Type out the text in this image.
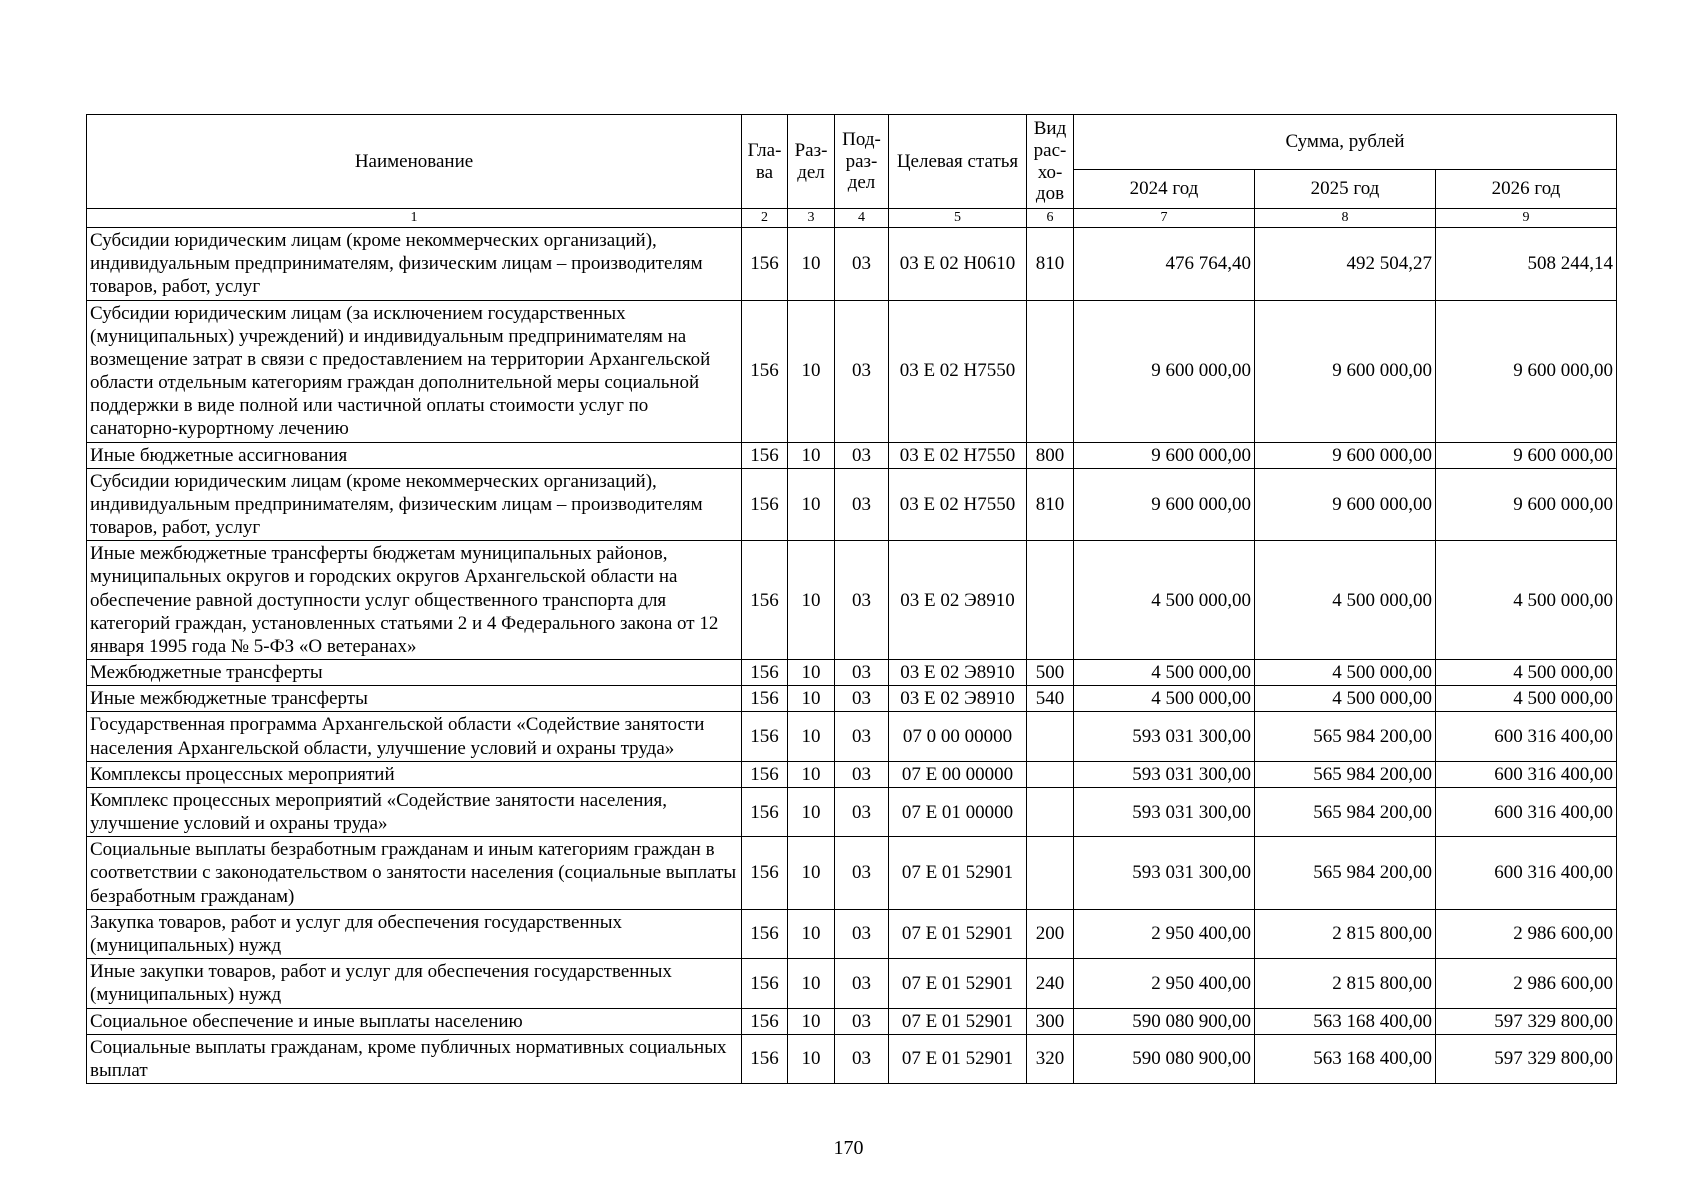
Наименование	Гла-ва	Раз-дел	Под-раз-дел	Целевая статья	Вид рас-хо-дов	Сумма, рублей		
						2024 год	2025 год	2026 год
1	2	3	4	5	6	7	8	9
Субсидии юридическим лицам (кроме некоммерческих организаций), индивидуальным предпринимателям, физическим лицам – производителям товаров, работ, услуг	156	10	03	03 Е 02 Н0610	810	476 764,40	492 504,27	508 244,14
Субсидии юридическим лицам (за исключением государственных (муниципальных) учреждений) и индивидуальным предпринимателям на возмещение затрат в связи с предоставлением на территории Архангельской области отдельным категориям граждан дополнительной меры социальной поддержки в виде полной или частичной оплаты стоимости услуг по санаторно-курортному лечению	156	10	03	03 Е 02 Н7550		9 600 000,00	9 600 000,00	9 600 000,00
Иные бюджетные ассигнования	156	10	03	03 Е 02 Н7550	800	9 600 000,00	9 600 000,00	9 600 000,00
Субсидии юридическим лицам (кроме некоммерческих организаций), индивидуальным предпринимателям, физическим лицам – производителям товаров, работ, услуг	156	10	03	03 Е 02 Н7550	810	9 600 000,00	9 600 000,00	9 600 000,00
Иные межбюджетные трансферты бюджетам муниципальных районов, муниципальных округов и городских округов Архангельской области на обеспечение равной доступности услуг общественного транспорта для категорий граждан, установленных статьями 2 и 4 Федерального закона от 12 января 1995 года № 5-ФЗ «О ветеранах»	156	10	03	03 Е 02 Э8910		4 500 000,00	4 500 000,00	4 500 000,00
Межбюджетные трансферты	156	10	03	03 Е 02 Э8910	500	4 500 000,00	4 500 000,00	4 500 000,00
Иные межбюджетные трансферты	156	10	03	03 Е 02 Э8910	540	4 500 000,00	4 500 000,00	4 500 000,00
Государственная программа Архангельской области «Содействие занятости населения Архангельской области, улучшение условий и охраны труда»	156	10	03	07 0 00 00000		593 031 300,00	565 984 200,00	600 316 400,00
Комплексы процессных мероприятий	156	10	03	07 Е 00 00000		593 031 300,00	565 984 200,00	600 316 400,00
Комплекс процессных мероприятий «Содействие занятости населения, улучшение условий и охраны труда»	156	10	03	07 Е 01 00000		593 031 300,00	565 984 200,00	600 316 400,00
Социальные выплаты безработным гражданам и иным категориям граждан в соответствии с законодательством о занятости населения (социальные выплаты безработным гражданам)	156	10	03	07 Е 01 52901		593 031 300,00	565 984 200,00	600 316 400,00
Закупка товаров, работ и услуг для обеспечения государственных (муниципальных) нужд	156	10	03	07 Е 01 52901	200	2 950 400,00	2 815 800,00	2 986 600,00
Иные закупки товаров, работ и услуг для обеспечения государственных (муниципальных) нужд	156	10	03	07 Е 01 52901	240	2 950 400,00	2 815 800,00	2 986 600,00
Социальное обеспечение и иные выплаты населению	156	10	03	07 Е 01 52901	300	590 080 900,00	563 168 400,00	597 329 800,00
Социальные выплаты гражданам, кроме публичных нормативных социальных выплат	156	10	03	07 Е 01 52901	320	590 080 900,00	563 168 400,00	597 329 800,00
170
